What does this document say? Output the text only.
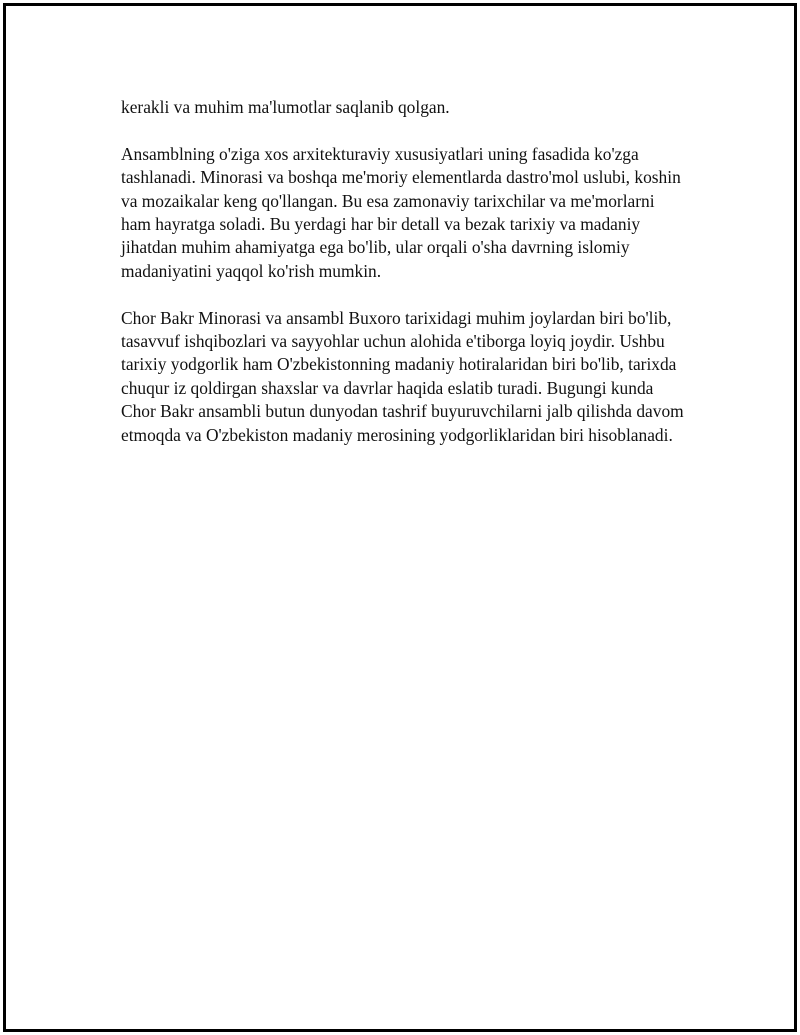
kerakli va muhim ma'lumotlar saqlanib qolgan.

Ansamblning o'ziga xos arxitekturaviy xususiyatlari uning fasadida ko'zga tashlanadi. Minorasi va boshqa me'moriy elementlarda dastro'mol uslubi, koshin va mozaikalar keng qo'llangan. Bu esa zamonaviy tarixchilar va me'morlarni ham hayratga soladi. Bu yerdagi har bir detall va bezak tarixiy va madaniy jihatdan muhim ahamiyatga ega bo'lib, ular orqali o'sha davrning islomiy madaniyatini yaqqol ko'rish mumkin.

Chor Bakr Minorasi va ansambl Buxoro tarixidagi muhim joylardan biri bo'lib, tasavvuf ishqibozlari va sayyohlar uchun alohida e'tiborga loyiq joydir. Ushbu tarixiy yodgorlik ham O'zbekistonning madaniy hotiralaridan biri bo'lib, tarixda chuqur iz qoldirgan shaxslar va davrlar haqida eslatib turadi. Bugungi kunda Chor Bakr ansambli butun dunyodan tashrif buyuruvchilarni jalb qilishda davom etmoqda va O'zbekiston madaniy merosining yodgorliklaridan biri hisoblanadi.
